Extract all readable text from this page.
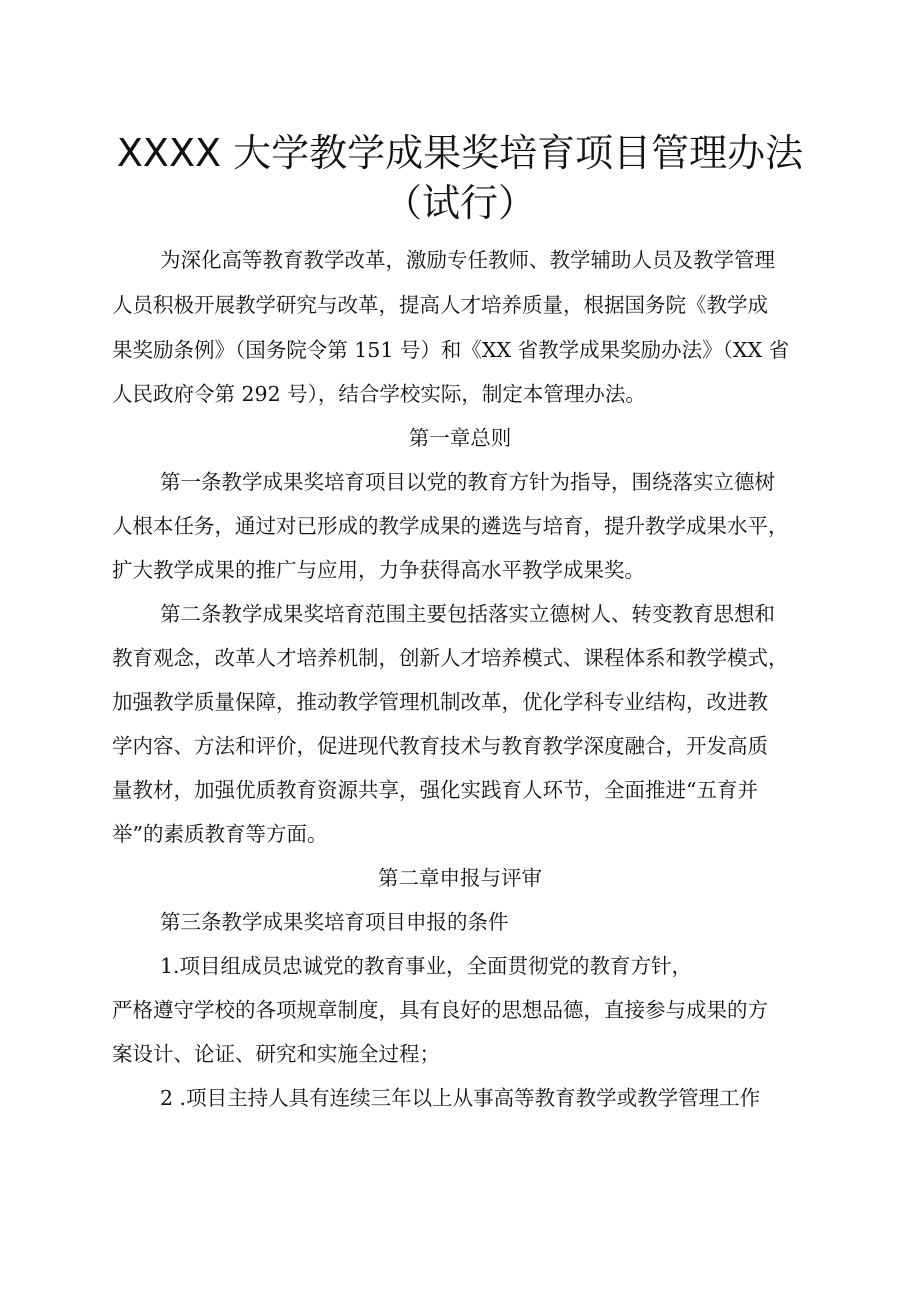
XXXX 大学教学成果奖培育项目管理办法
（试行）

为深化高等教育教学改革，激励专任教师、教学辅助人员及教学管理

人员积极开展教学研究与改革，提高人才培养质量，根据国务院《教学成

果奖励条例》（国务院令第 151 号）和《XX 省教学成果奖励办法》（XX 省

人民政府令第 292 号），结合学校实际，制定本管理办法。

第一章总则

第一条教学成果奖培育项目以党的教育方针为指导，围绕落实立德树

人根本任务，通过对已形成的教学成果的遴选与培育，提升教学成果水平，

扩大教学成果的推广与应用，力争获得高水平教学成果奖。

第二条教学成果奖培育范围主要包括落实立德树人、转变教育思想和

教育观念，改革人才培养机制，创新人才培养模式、课程体系和教学模式，

加强教学质量保障，推动教学管理机制改革，优化学科专业结构，改进教

学内容、方法和评价，促进现代教育技术与教育教学深度融合，开发高质

量教材，加强优质教育资源共享，强化实践育人环节，全面推进“五育并

举”的素质教育等方面。

第二章申报与评审

第三条教学成果奖培育项目申报的条件

1.项目组成员忠诚党的教育事业，全面贯彻党的教育方针，

严格遵守学校的各项规章制度，具有良好的思想品德，直接参与成果的方

案设计、论证、研究和实施全过程；

2 .项目主持人具有连续三年以上从事高等教育教学或教学管理工作
